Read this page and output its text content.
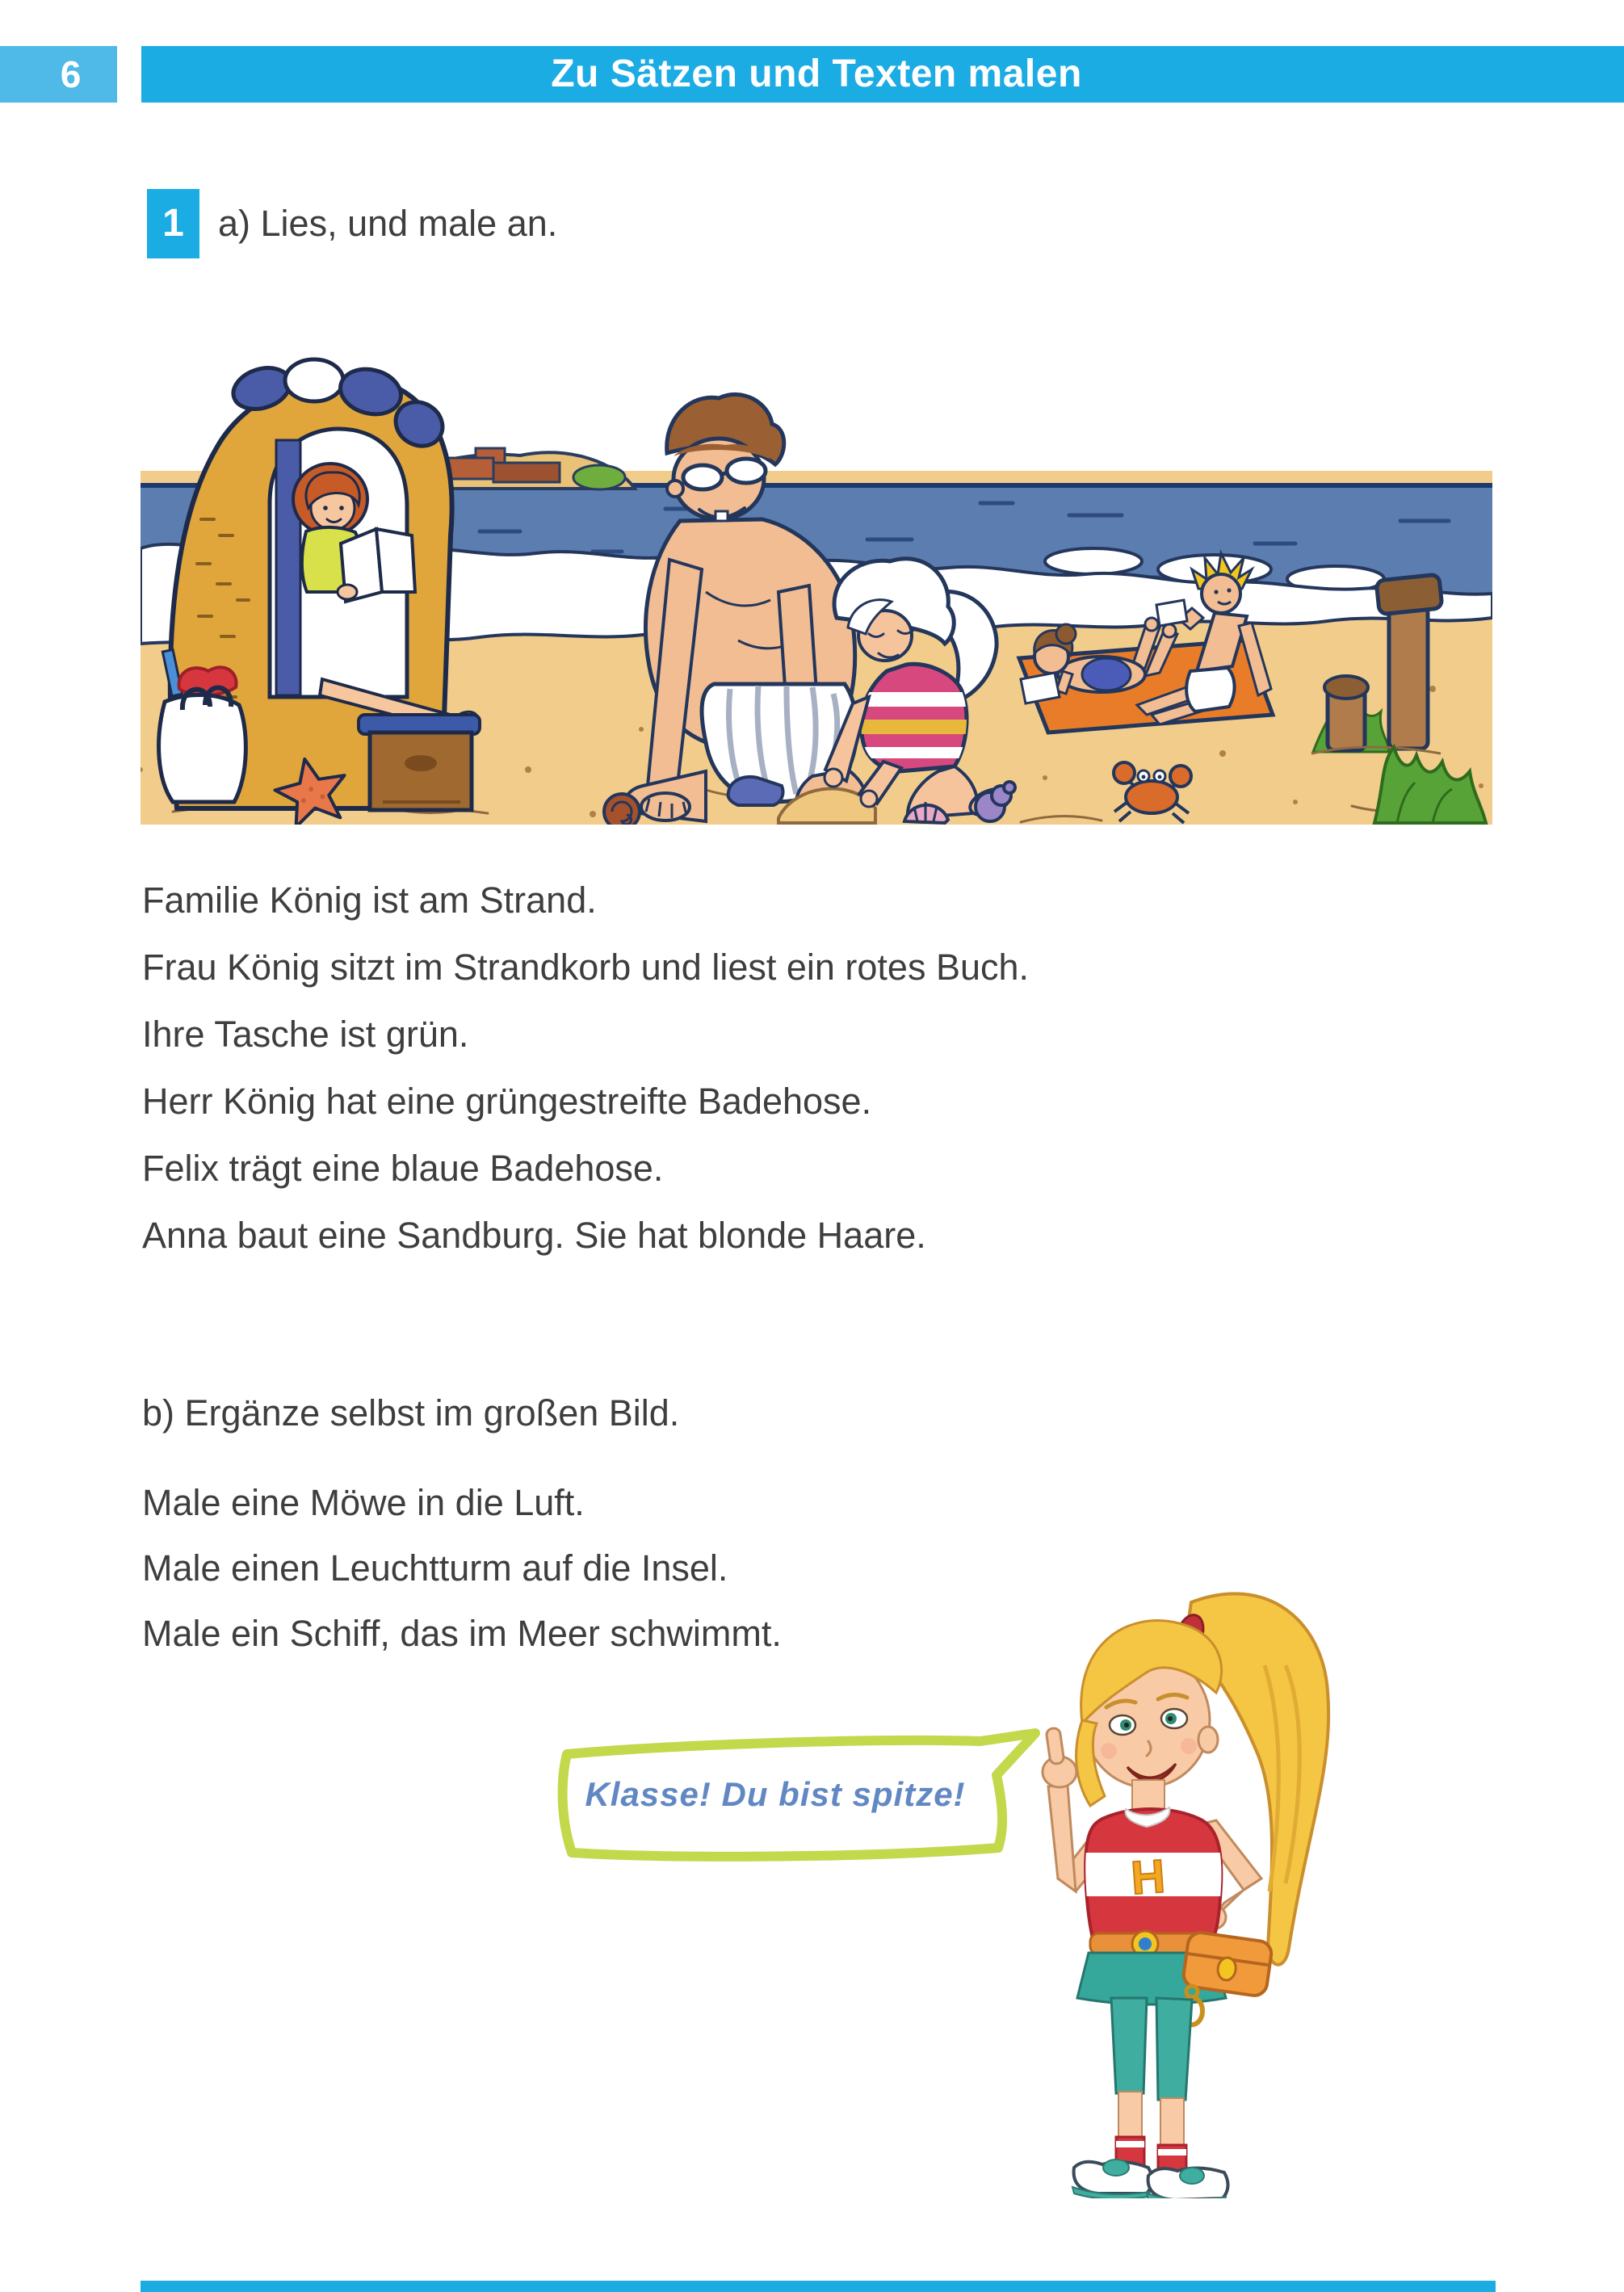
6	Zu Sätzen und Texten malen
1 a) Lies, und male an.
Familie König ist am Strand.
Frau König sitzt im Strandkorb und liest ein rotes Buch.
Ihre Tasche ist grün.
Herr König hat eine grüngestreifte Badehose.
Felix trägt eine blaue Badehose.
Anna baut eine Sandburg. Sie hat blonde Haare.
b) Ergänze selbst im großen Bild.
Male eine Möwe in die Luft.
Male einen Leuchtturm auf die Insel.
Male ein Schiff, das im Meer schwimmt.
Klasse! Du bist spitze!
H
